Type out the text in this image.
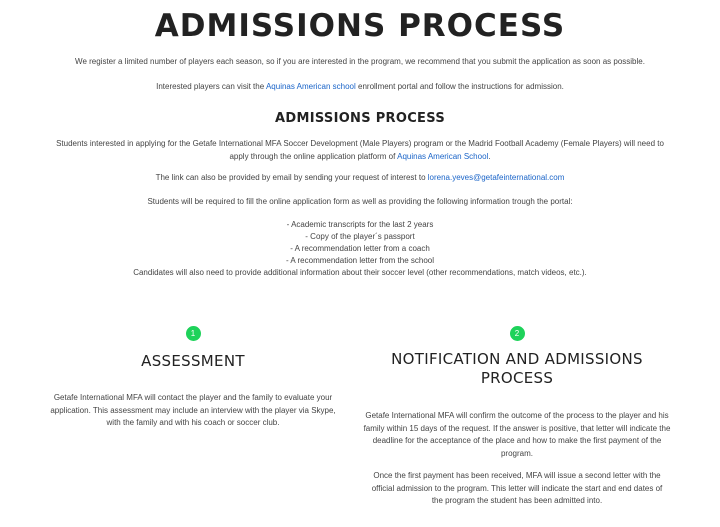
ADMISSIONS PROCESS

We register a limited number of players each season, so if you are interested in the program, we recommend that you submit the application as soon as possible.

Interested players can visit the Aquinas American school enrollment portal and follow the instructions for admission.

ADMISSIONS PROCESS

Students interested in applying for the Getafe International MFA Soccer Development (Male Players) program or the Madrid Football Academy (Female Players) will need to apply through the online application platform of Aquinas American School.

The link can also be provided by email by sending your request of interest to lorena.yeves@getafeinternational.com

Students will be required to fill the online application form as well as providing the following information trough the portal:

- Academic transcripts for the last 2 years
- Copy of the player´s passport
- A recommendation letter from a coach
- A recommendation letter from the school
Candidates will also need to provide additional information about their soccer level (other recommendations, match videos, etc.).
1
ASSESSMENT

Getafe International MFA will contact the player and the family to evaluate your application. This assessment may include an interview with the player via Skype, with the family and with his coach or soccer club.

2
NOTIFICATION AND ADMISSIONS PROCESS

Getafe International MFA will confirm the outcome of the process to the player and his family within 15 days of the request. If the answer is positive, that letter will indicate the deadline for the acceptance of the place and how to make the first payment of the program.

Once the first payment has been received, MFA will issue a second letter with the official admission to the program. This letter will indicate the start and end dates of the program the student has been admitted into.
